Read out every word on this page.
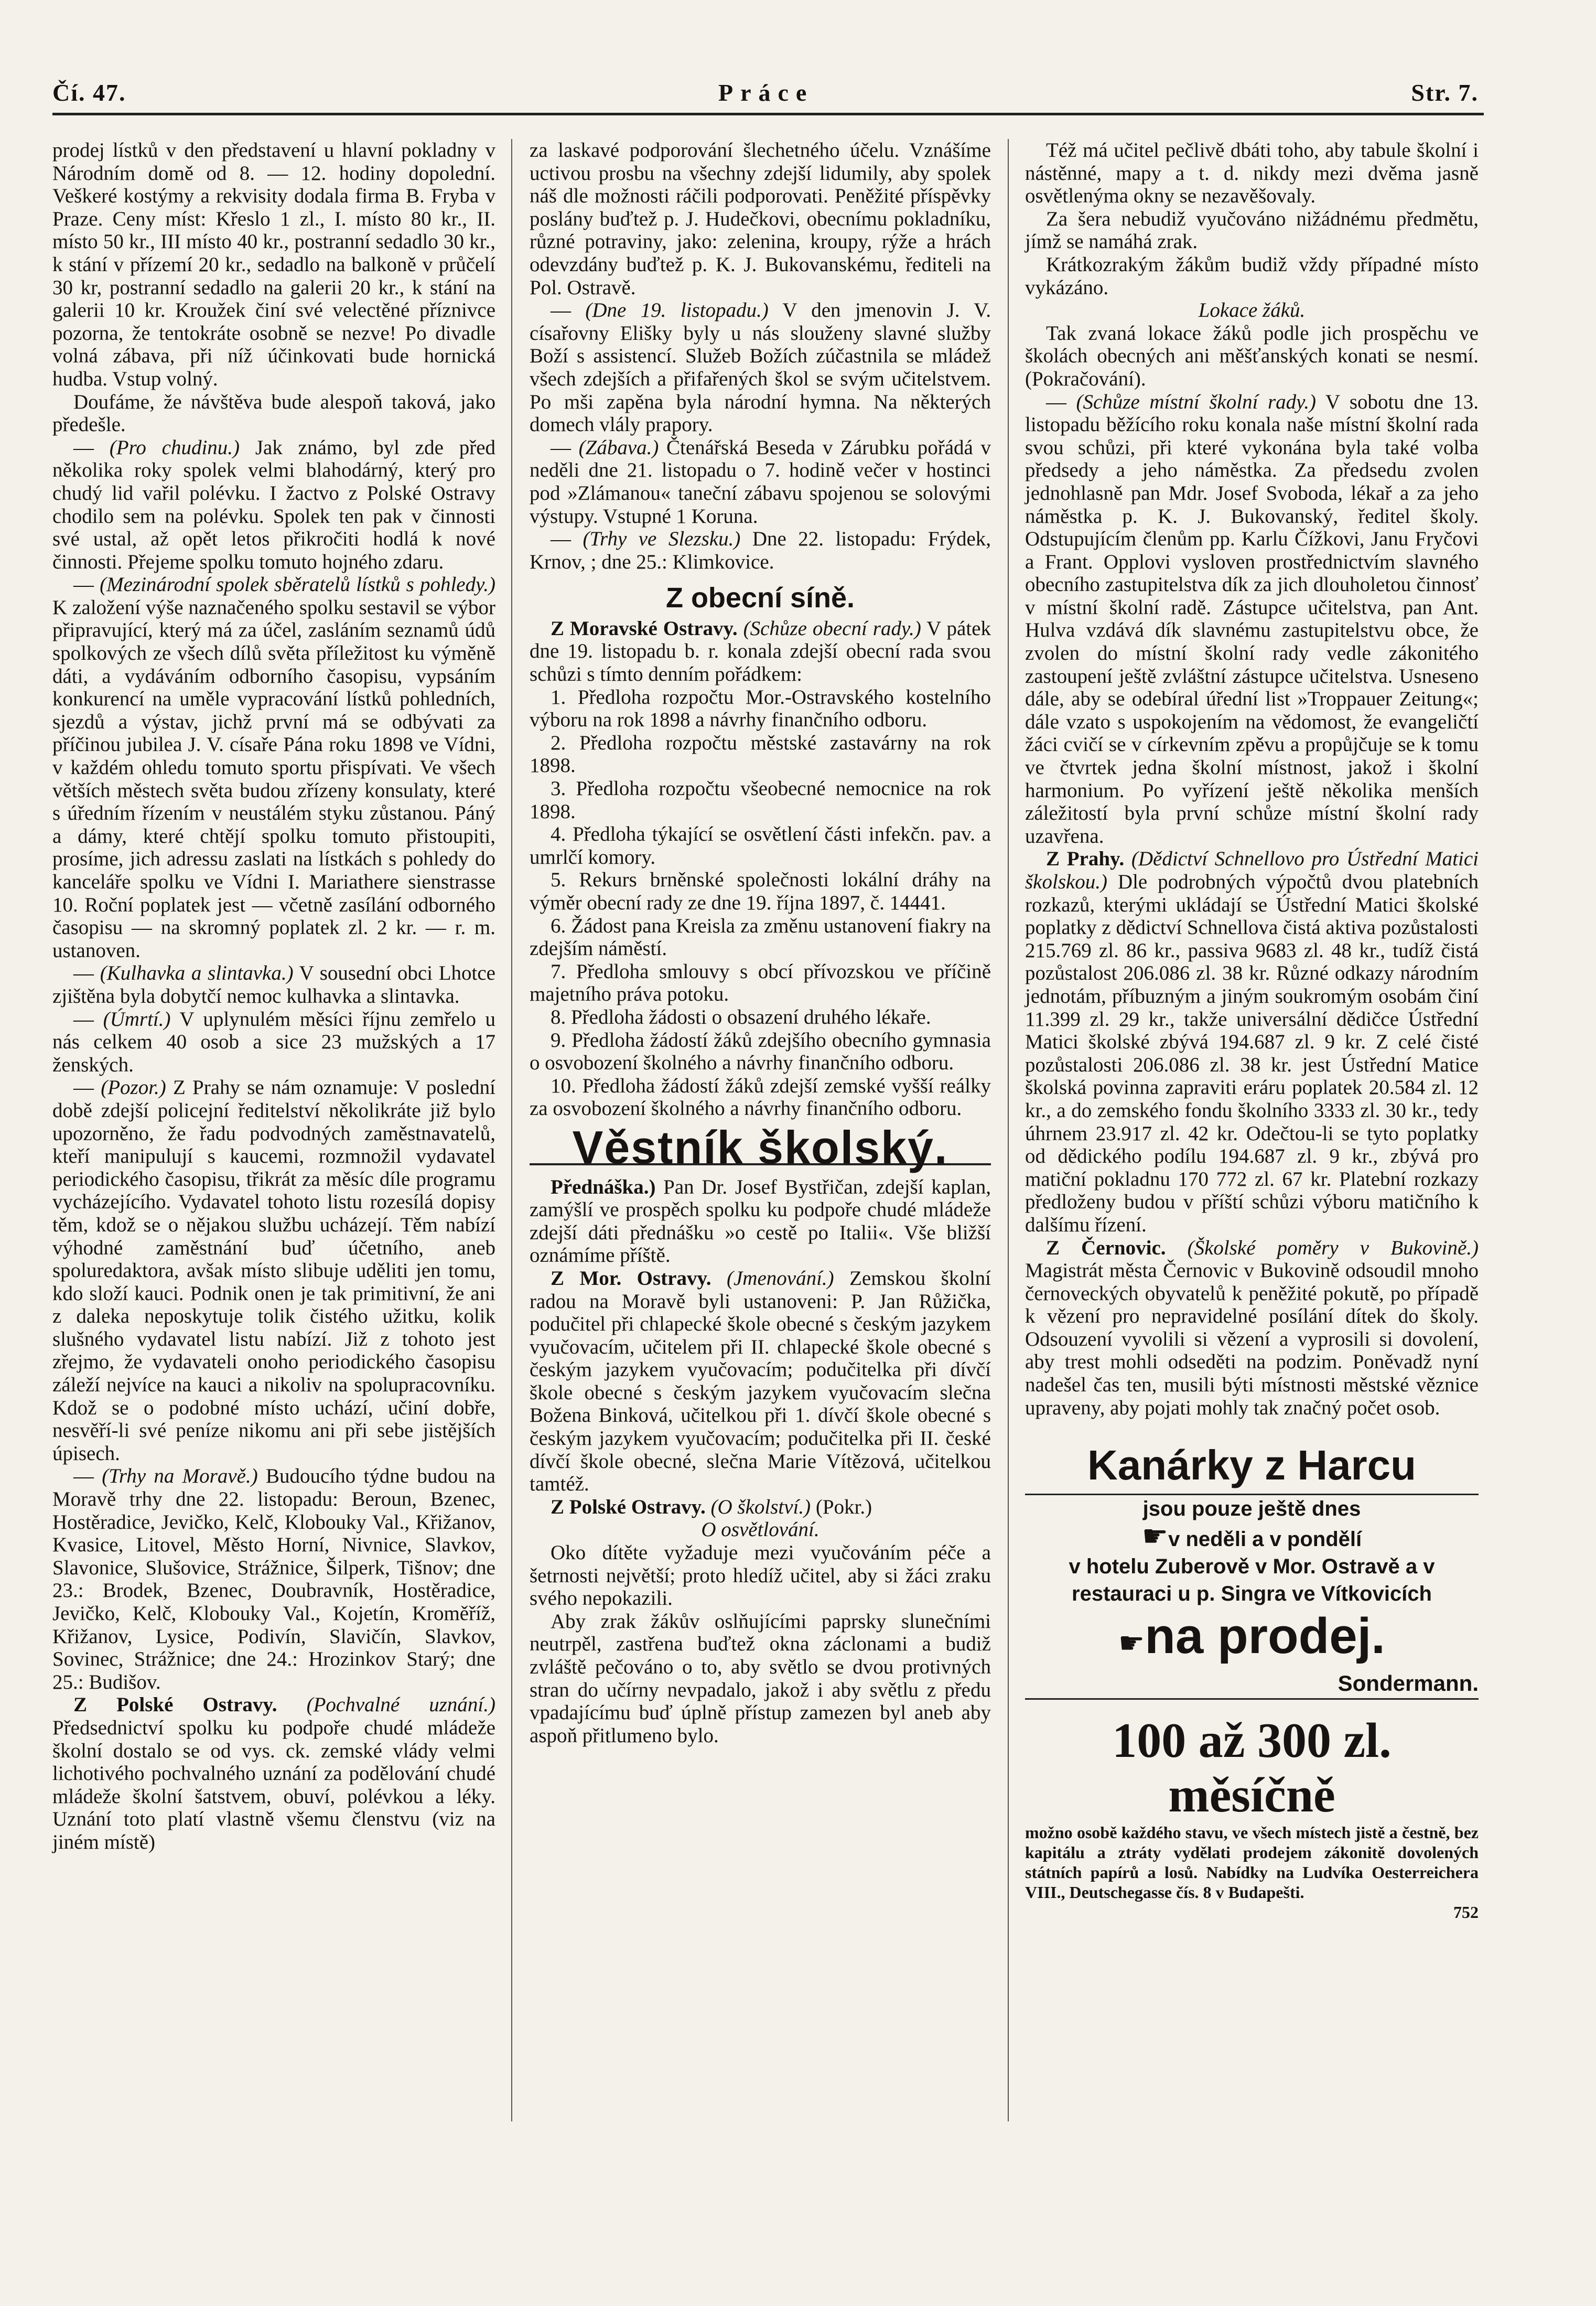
Čí. 47.	Práce	Str. 7.

prodej lístků v den představení u hlavní pokladny v Národním domě od 8. — 12. hodiny dopolední. Veškeré kostýmy a rekvisity dodala firma B. Fryba v Praze. Ceny míst: Křeslo 1 zl., I. místo 80 kr., II. místo 50 kr., III místo 40 kr., postranní sedadlo 30 kr., k stání v přízemí 20 kr., sedadlo na balkoně v průčelí 30 kr, postranní sedadlo na galerii 20 kr., k stání na galerii 10 kr. Kroužek činí své velectěné příznivce pozorna, že tentokráte osobně se nezve! Po divadle volná zábava, při níž účinkovati bude hornická hudba. Vstup volný.

Doufáme, že návštěva bude alespoň taková, jako předešle.

— (Pro chudinu.) Jak známo, byl zde před několika roky spolek velmi blahodárný, který pro chudý lid vařil polévku. I žactvo z Polské Ostravy chodilo sem na polévku. Spolek ten pak v činnosti své ustal, až opět letos přikročiti hodlá k nové činnosti. Přejeme spolku tomuto hojného zdaru.

— (Mezinárodní spolek sběratelů lístků s pohledy.) K založení výše naznačeného spolku sestavil se výbor připravující, který má za účel, zasláním seznamů údů spolkových ze všech dílů světa příležitost ku výměně dáti, a vydáváním odborního časopisu, vypsáním konkurencí na uměle vypracování lístků pohledních, sjezdů a výstav, jichž první má se odbývati za příčinou jubilea J. V. císaře Pána roku 1898 ve Vídni, v každém ohledu tomuto sportu přispívati. Ve všech větších městech světa budou zřízeny konsulaty, které s úředním řízením v neustálém styku zůstanou. Páný a dámy, které chtějí spolku tomuto přistoupiti, prosíme, jich adressu zaslati na lístkách s pohledy do kanceláře spolku ve Vídni I. Mariathere sienstrasse 10. Roční poplatek jest — včetně zasílání odborného časopisu — na skromný poplatek zl. 2 kr. — r. m. ustanoven.

— (Kulhavka a slintavka.) V sousední obci Lhotce zjištěna byla dobytčí nemoc kulhavka a slintavka.

— (Úmrtí.) V uplynulém měsíci říjnu zemřelo u nás celkem 40 osob a sice 23 mužských a 17 ženských.

— (Pozor.) Z Prahy se nám oznamuje: V poslední době zdejší policejní ředitelství několikráte již bylo upozorněno, že řadu podvodných zaměstnavatelů, kteří manipulují s kaucemi, rozmnožil vydavatel periodického časopisu, třikrát za měsíc díle programu vycházejícího. Vydavatel tohoto listu rozesílá dopisy těm, kdož se o nějakou službu ucházejí. Těm nabízí výhodné zaměstnání buď účetního, aneb spoluredaktora, avšak místo slibuje uděliti jen tomu, kdo složí kauci. Podnik onen je tak primitivní, že ani z daleka neposkytuje tolik čistého užitku, kolik slušného vydavatel listu nabízí. Již z tohoto jest zřejmo, že vydavateli onoho periodického časopisu záleží nejvíce na kauci a nikoliv na spolupracovníku. Kdož se o podobné místo uchází, učiní dobře, nesvěří-li své peníze nikomu ani při sebe jistějších úpisech.

— (Trhy na Moravě.) Budoucího týdne budou na Moravě trhy dne 22. listopadu: Beroun, Bzenec, Hostěradice, Jevičko, Kelč, Klobouky Val., Křižanov, Kvasice, Litovel, Město Horní, Nivnice, Slavkov, Slavonice, Slušovice, Strážnice, Šilperk, Tišnov; dne 23.: Brodek, Bzenec, Doubravník, Hostěradice, Jevičko, Kelč, Klobouky Val., Kojetín, Kroměříž, Křižanov, Lysice, Podivín, Slavičín, Slavkov, Sovinec, Strážnice; dne 24.: Hrozinkov Starý; dne 25.: Budišov.

Z Polské Ostravy. (Pochvalné uznání.) Předsednictví spolku ku podpoře chudé mládeže školní dostalo se od vys. ck. zemské vlády velmi lichotivého pochvalného uznání za podělování chudé mládeže školní šatstvem, obuví, polévkou a léky. Uznání toto platí vlastně všemu členstvu (viz na jiném místě)

za laskavé podporování šlechetného účelu. Vznášíme uctivou prosbu na všechny zdejší lidumily, aby spolek náš dle možnosti ráčili podporovati. Peněžité příspěvky poslány buďtež p. J. Hudečkovi, obecnímu pokladníku, různé potraviny, jako: zelenina, kroupy, rýže a hrách odevzdány buďtež p. K. J. Bukovanskému, řediteli na Pol. Ostravě.

— (Dne 19. listopadu.) V den jmenovin J. V. císařovny Elišky byly u nás slouženy slavné služby Boží s assistencí. Služeb Božích zúčastnila se mládež všech zdejších a přifařených škol se svým učitelstvem. Po mši zapěna byla národní hymna. Na některých domech vlály prapory.

— (Zábava.) Čtenářská Beseda v Zárubku pořádá v neděli dne 21. listopadu o 7. hodině večer v hostinci pod »Zlámanou« taneční zábavu spojenou se solovými výstupy. Vstupné 1 Koruna.

— (Trhy ve Slezsku.) Dne 22. listopadu: Frýdek, Krnov, ; dne 25.: Klimkovice.

Z obecní síně.

Z Moravské Ostravy. (Schůze obecní rady.) V pátek dne 19. listopadu b. r. konala zdejší obecní rada svou schůzi s tímto denním pořádkem:

1. Předloha rozpočtu Mor.-Ostravského kostelního výboru na rok 1898 a návrhy finančního odboru.

2. Předloha rozpočtu městské zastavárny na rok 1898.

3. Předloha rozpočtu všeobecné nemocnice na rok 1898.

4. Předloha týkající se osvětlení části infekčn. pav. a umrlčí komory.

5. Rekurs brněnské společnosti lokální dráhy na výměr obecní rady ze dne 19. října 1897, č. 14441.

6. Žádost pana Kreisla za změnu ustanovení fiakry na zdejším náměstí.

7. Předloha smlouvy s obcí přívozskou ve příčině majetního práva potoku.

8. Předloha žádosti o obsazení druhého lékaře.

9. Předloha žádostí žáků zdejšího obecního gymnasia o osvobození školného a návrhy finančního odboru.

10. Předloha žádostí žáků zdejší zemské vyšší reálky za osvobození školného a návrhy finančního odboru.

Věstník školský.

Přednáška.) Pan Dr. Josef Bystřičan, zdejší kaplan, zamýšlí ve prospěch spolku ku podpoře chudé mládeže zdejší dáti přednášku »o cestě po Italii«. Vše bližší oznámíme příště.

Z Mor. Ostravy. (Jmenování.) Zemskou školní radou na Moravě byli ustanoveni: P. Jan Růžička, podučitel při chlapecké škole obecné s českým jazykem vyučovacím, učitelem při II. chlapecké škole obecné s českým jazykem vyučovacím; podučitelka při dívčí škole obecné s českým jazykem vyučovacím slečna Božena Binková, učitelkou při 1. dívčí škole obecné s českým jazykem vyučovacím; podučitelka při II. české dívčí škole obecné, slečna Marie Vítězová, učitelkou tamtéž.

Z Polské Ostravy. (O školství.) (Pokr.)

O osvětlování.

Oko dítěte vyžaduje mezi vyučováním péče a šetrnosti největší; proto hledíž učitel, aby si žáci zraku svého nepokazili.

Aby zrak žákův oslňujícími paprsky slunečními neutrpěl, zastřena buďtež okna záclonami a budiž zvláště pečováno o to, aby světlo se dvou protivných stran do učírny nevpadalo, jakož i aby světlu z předu vpadajícímu buď úplně přístup zamezen byl aneb aby aspoň přitlumeno bylo.

Též má učitel pečlivě dbáti toho, aby tabule školní i nástěnné, mapy a t. d. nikdy mezi dvěma jasně osvětlenýma okny se nezavěšovaly.

Za šera nebudiž vyučováno nižádnému předmětu, jímž se namáhá zrak.

Krátkozrakým žákům budiž vždy případné místo vykázáno.

Lokace žáků.

Tak zvaná lokace žáků podle jich prospěchu ve školách obecných ani měšťanských konati se nesmí. (Pokračování).

— (Schůze místní školní rady.) V sobotu dne 13. listopadu běžícího roku konala naše místní školní rada svou schůzi, při které vykonána byla také volba předsedy a jeho náměstka. Za předsedu zvolen jednohlasně pan Mdr. Josef Svoboda, lékař a za jeho náměstka p. K. J. Bukovanský, ředitel školy. Odstupujícím členům pp. Karlu Čížkovi, Janu Fryčovi a Frant. Opplovi vysloven prostřednictvím slavného obecního zastupitelstva dík za jich dlouholetou činnosť v místní školní radě. Zástupce učitelstva, pan Ant. Hulva vzdává dík slavnému zastupitelstvu obce, že zvolen do místní školní rady vedle zákonitého zastoupení ještě zvláštní zástupce učitelstva. Usneseno dále, aby se odebíral úřední list »Troppauer Zeitung«; dále vzato s uspokojením na vědomost, že evangeličtí žáci cvičí se v církevním zpěvu a propůjčuje se k tomu ve čtvrtek jedna školní místnost, jakož i školní harmonium. Po vyřízení ještě několika menších záležitostí byla první schůze místní školní rady uzavřena.

Z Prahy. (Dědictví Schnellovo pro Ústřední Matici školskou.) Dle podrobných výpočtů dvou platebních rozkazů, kterými ukládají se Ústřední Matici školské poplatky z dědictví Schnellova čistá aktiva pozůstalosti 215.769 zl. 86 kr., passiva 9683 zl. 48 kr., tudíž čistá pozůstalost 206.086 zl. 38 kr. Různé odkazy národním jednotám, příbuzným a jiným soukromým osobám činí 11.399 zl. 29 kr., takže universální dědičce Ústřední Matici školské zbývá 194.687 zl. 9 kr. Z celé čisté pozůstalosti 206.086 zl. 38 kr. jest Ústřední Matice školská povinna zapraviti eráru poplatek 20.584 zl. 12 kr., a do zemského fondu školního 3333 zl. 30 kr., tedy úhrnem 23.917 zl. 42 kr. Odečtou-li se tyto poplatky od dědického podílu 194.687 zl. 9 kr., zbývá pro matiční pokladnu 170 772 zl. 67 kr. Platební rozkazy předloženy budou v příští schůzi výboru matičního k dalšímu řízení.

Z Černovic. (Školské poměry v Bukovině.) Magistrát města Černovic v Bukovině odsoudil mnoho černoveckých obyvatelů k peněžité pokutě, po případě k vězení pro nepravidelné posílání dítek do školy. Odsouzení vyvolili si vězení a vyprosili si dovolení, aby trest mohli odseděti na podzim. Poněvadž nyní nadešel čas ten, musili býti místnosti městské věznice upraveny, aby pojati mohly tak značný počet osob.

Kanárky z Harcu
jsou pouze ještě dnes
☛ v neděli a v pondělí
v hotelu Zuberově v Mor. Ostravě a v restauraci u p. Singra ve Vítkovicích
☛ na prodej.
Sondermann.
100 až 300 zl. měsíčně
možno osobě každého stavu, ve všech místech jistě a čestně, bez kapitálu a ztráty vydělati prodejem zákonitě dovolených státních papírů a losů. Nabídky na Ludvíka Oesterreichera VIII., Deutschegasse čís. 8 v Budapešti.
752
